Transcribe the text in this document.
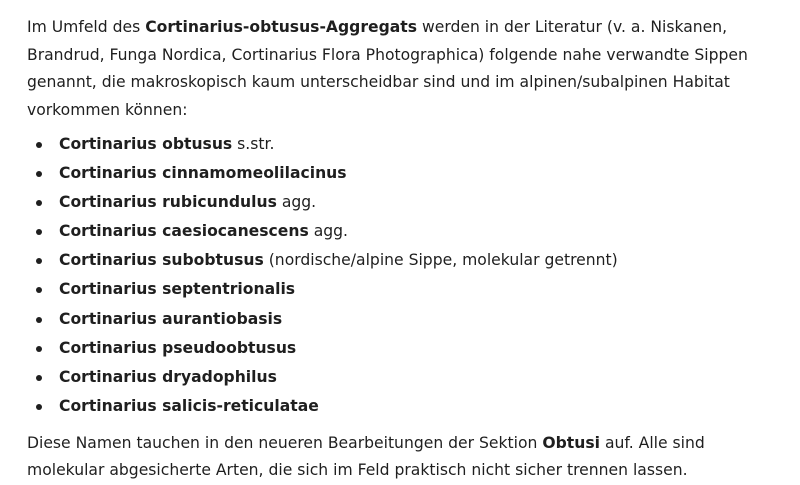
Im Umfeld des Cortinarius-obtusus-Aggregats werden in der Literatur (v. a. Niskanen, Brandrud, Funga Nordica, Cortinarius Flora Photographica) folgende nahe verwandte Sippen genannt, die makroskopisch kaum unterscheidbar sind und im alpinen/subalpinen Habitat vorkommen können:

Cortinarius obtusus s.str.
Cortinarius cinnamomeolilacinus
Cortinarius rubicundulus agg.
Cortinarius caesiocanescens agg.
Cortinarius subobtusus (nordische/alpine Sippe, molekular getrennt)
Cortinarius septentrionalis
Cortinarius aurantiobasis
Cortinarius pseudoobtusus
Cortinarius dryadophilus
Cortinarius salicis-reticulatae

Diese Namen tauchen in den neueren Bearbeitungen der Sektion Obtusi auf. Alle sind molekular abgesicherte Arten, die sich im Feld praktisch nicht sicher trennen lassen.
